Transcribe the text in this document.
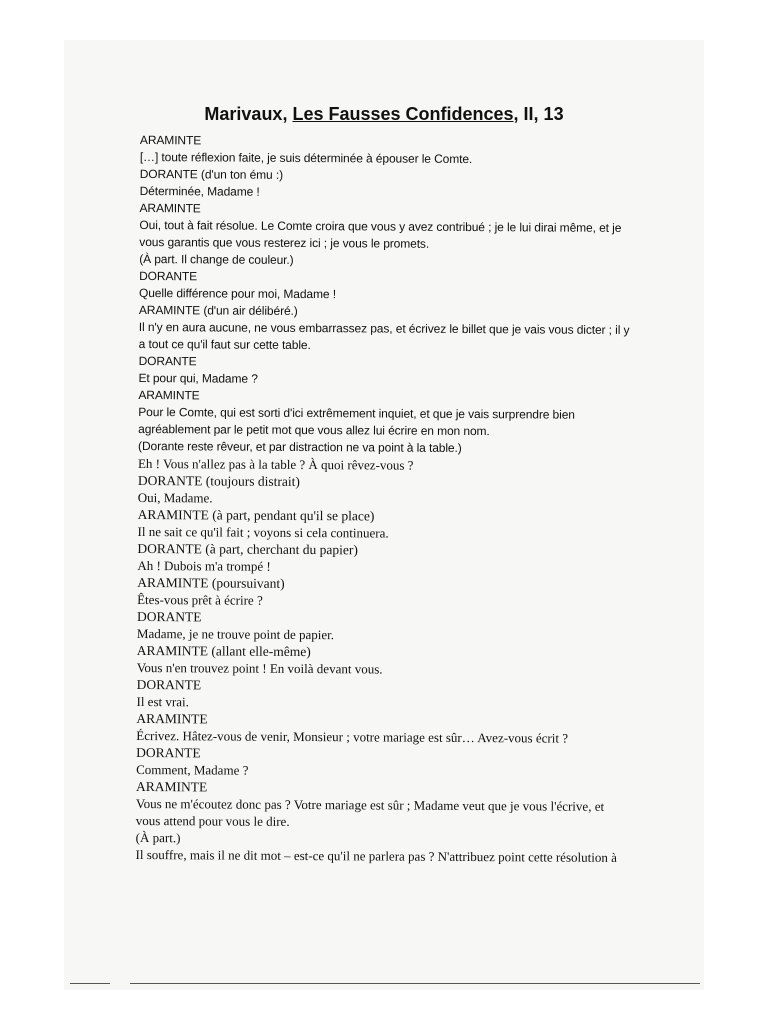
Marivaux, Les Fausses Confidences, II, 13
ARAMINTE
[…] toute réflexion faite, je suis déterminée à épouser le Comte.
DORANTE (d'un ton ému :)
Déterminée, Madame !
ARAMINTE
Oui, tout à fait résolue. Le Comte croira que vous y avez contribué ; je le lui dirai même, et je
vous garantis que vous resterez ici ; je vous le promets.
(À part. Il change de couleur.)
DORANTE
Quelle différence pour moi, Madame !
ARAMINTE (d'un air délibéré.)
Il n'y en aura aucune, ne vous embarrassez pas, et écrivez le billet que je vais vous dicter ; il y
a tout ce qu'il faut sur cette table.
DORANTE
Et pour qui, Madame ?
ARAMINTE
Pour le Comte, qui est sorti d'ici extrêmement inquiet, et que je vais surprendre bien
agréablement par le petit mot que vous allez lui écrire en mon nom.
(Dorante reste rêveur, et par distraction ne va point à la table.)
Eh ! Vous n'allez pas à la table ? À quoi rêvez-vous ?
DORANTE (toujours distrait)
Oui, Madame.
ARAMINTE (à part, pendant qu'il se place)
Il ne sait ce qu'il fait ; voyons si cela continuera.
DORANTE (à part, cherchant du papier)
Ah ! Dubois m'a trompé !
ARAMINTE (poursuivant)
Êtes-vous prêt à écrire ?
DORANTE
Madame, je ne trouve point de papier.
ARAMINTE (allant elle-même)
Vous n'en trouvez point ! En voilà devant vous.
DORANTE
Il est vrai.
ARAMINTE
Écrivez. Hâtez-vous de venir, Monsieur ; votre mariage est sûr… Avez-vous écrit ?
DORANTE
Comment, Madame ?
ARAMINTE
Vous ne m'écoutez donc pas ? Votre mariage est sûr ; Madame veut que je vous l'écrive, et
vous attend pour vous le dire.
(À part.)
Il souffre, mais il ne dit mot – est-ce qu'il ne parlera pas ? N'attribuez point cette résolution à
